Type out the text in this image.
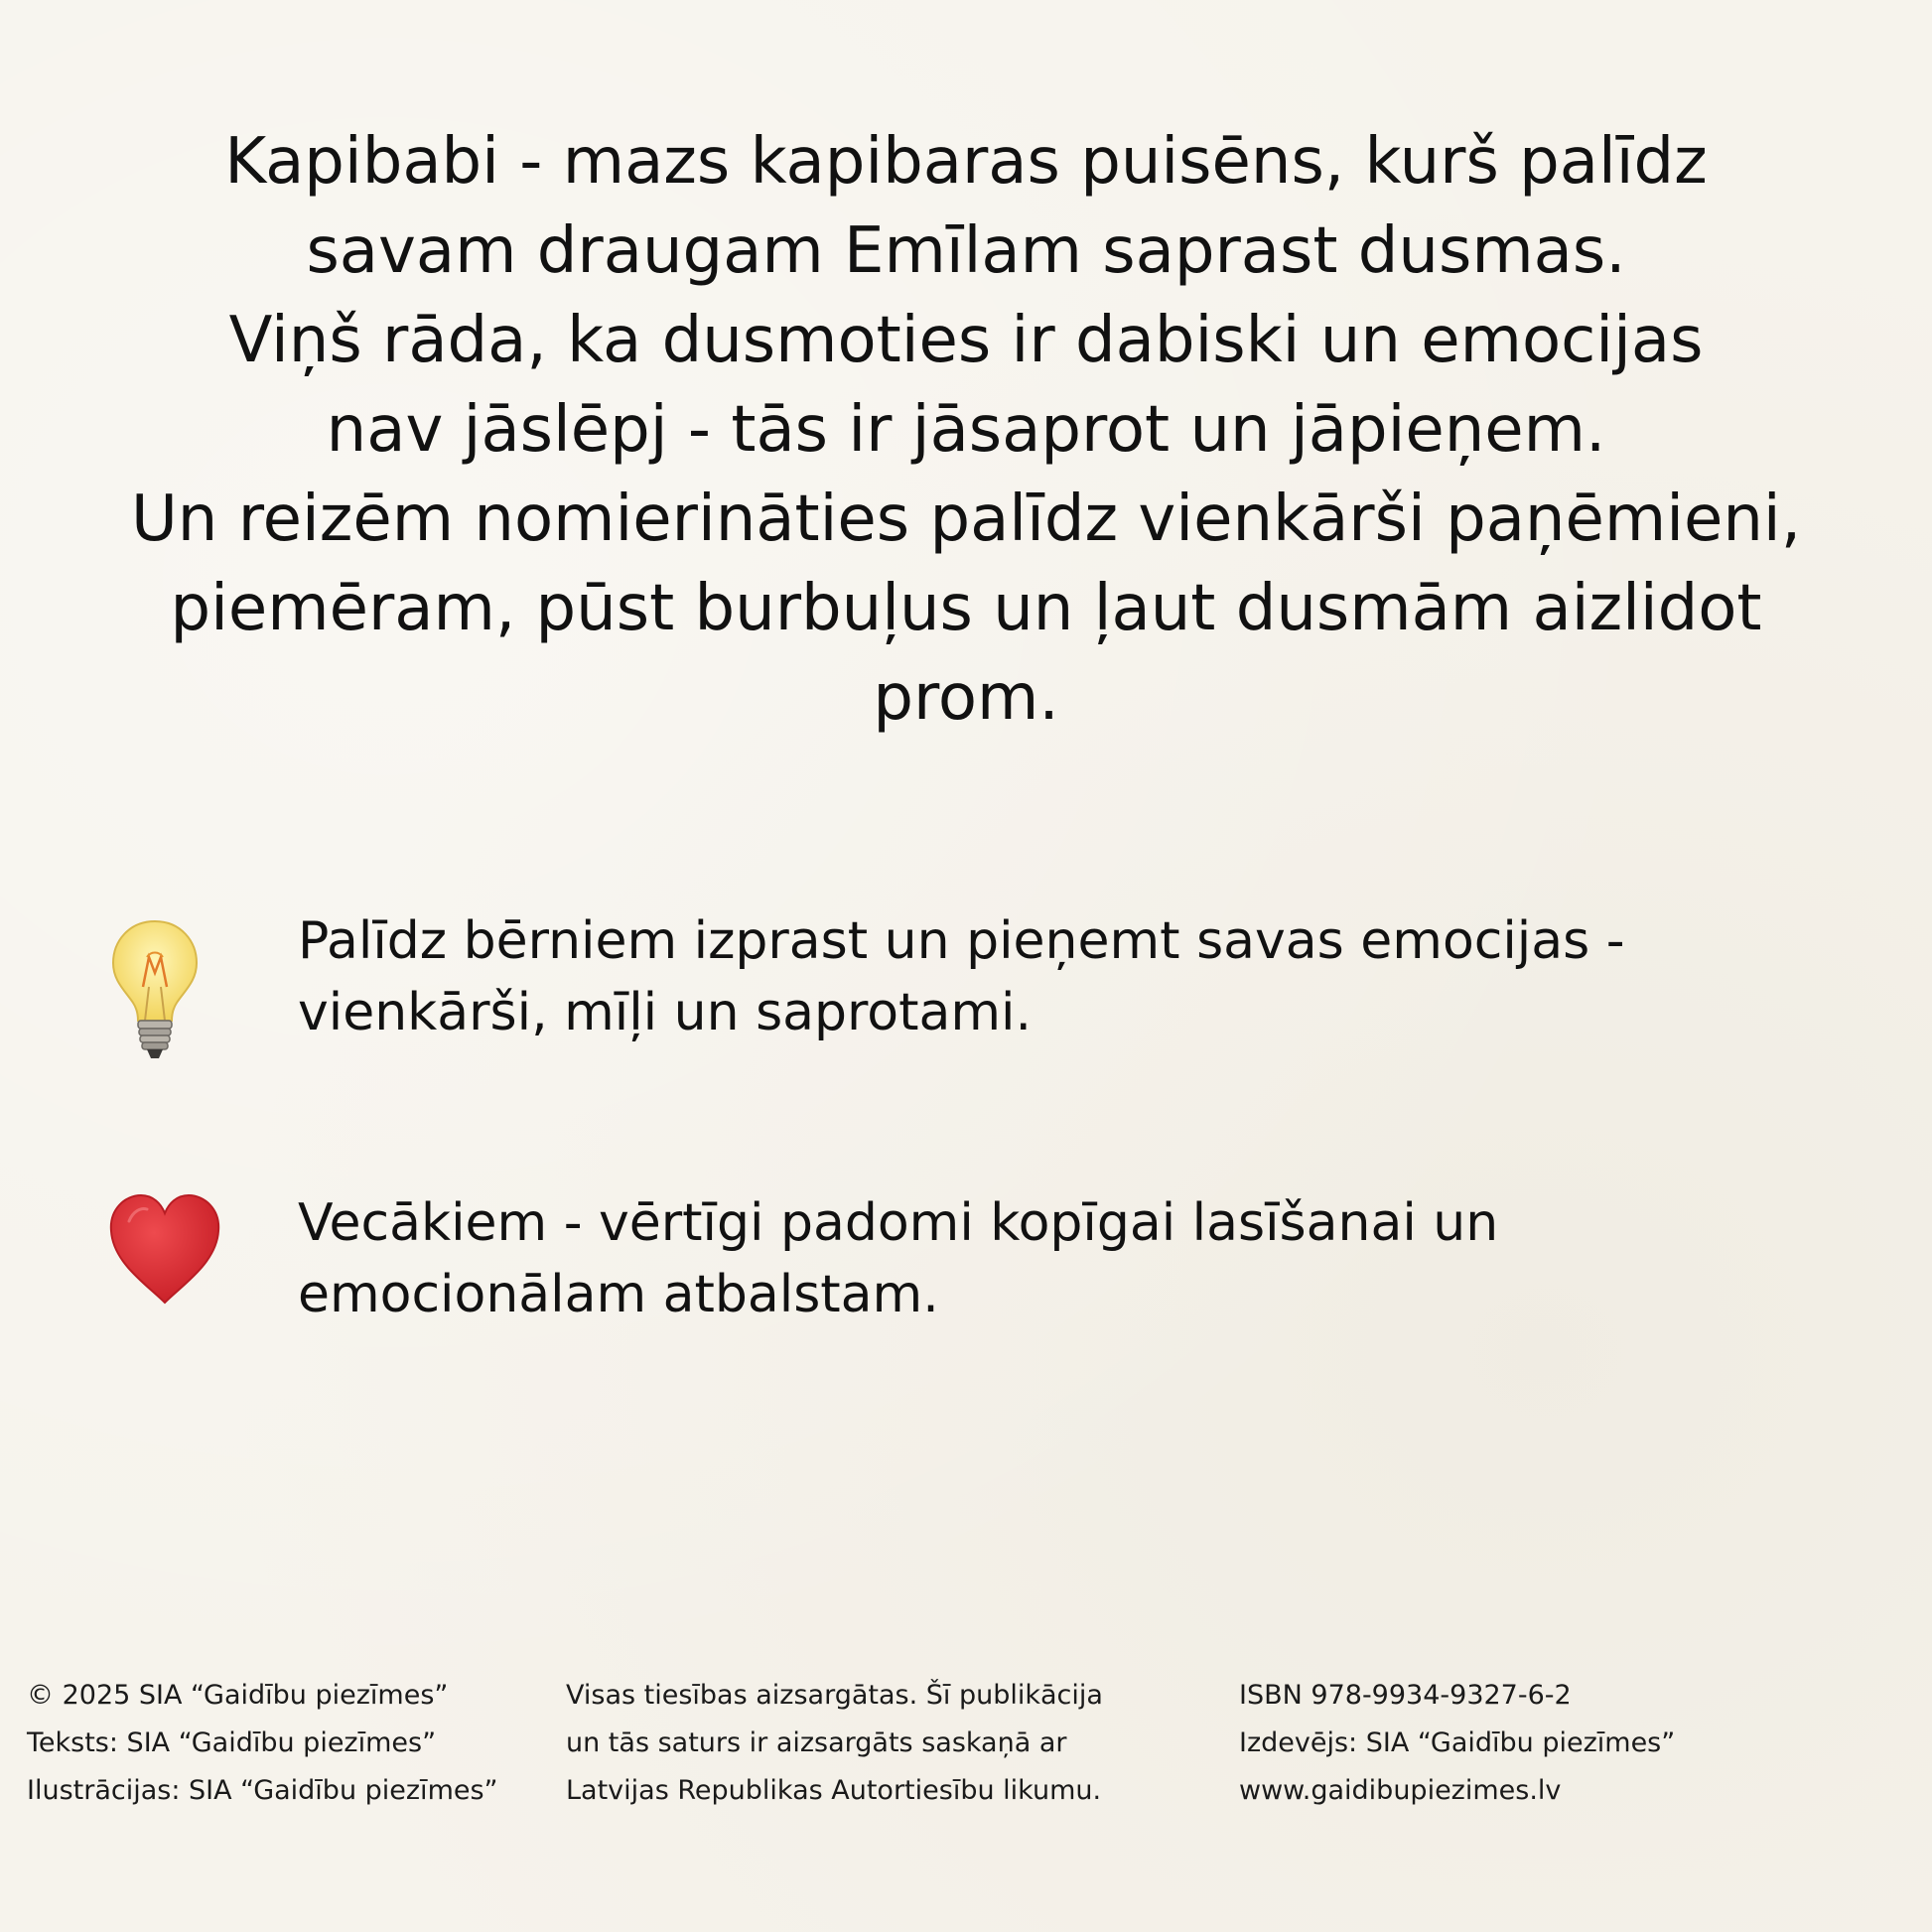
Kapibabi - mazs kapibaras puisēns, kurš palīdz
savam draugam Emīlam saprast dusmas.
Viņš rāda, ka dusmoties ir dabiski un emocijas
nav jāslēpj - tās ir jāsaprot un jāpieņem.
Un reizēm nomierināties palīdz vienkārši paņēmieni,
piemēram, pūst burbuļus un ļaut dusmām aizlidot
prom.
Palīdz bērniem izprast un pieņemt savas emocijas -
vienkārši, mīļi un saprotami.
Vecākiem - vērtīgi padomi kopīgai lasīšanai un
emocionālam atbalstam.
© 2025 SIA “Gaidību piezīmes”
Teksts: SIA “Gaidību piezīmes”
Ilustrācijas: SIA “Gaidību piezīmes”
Visas tiesības aizsargātas. Šī publikācija
un tās saturs ir aizsargāts saskaņā ar
Latvijas Republikas Autortiesību likumu.
ISBN 978-9934-9327-6-2
Izdevējs: SIA “Gaidību piezīmes”
www.gaidibupiezimes.lv
